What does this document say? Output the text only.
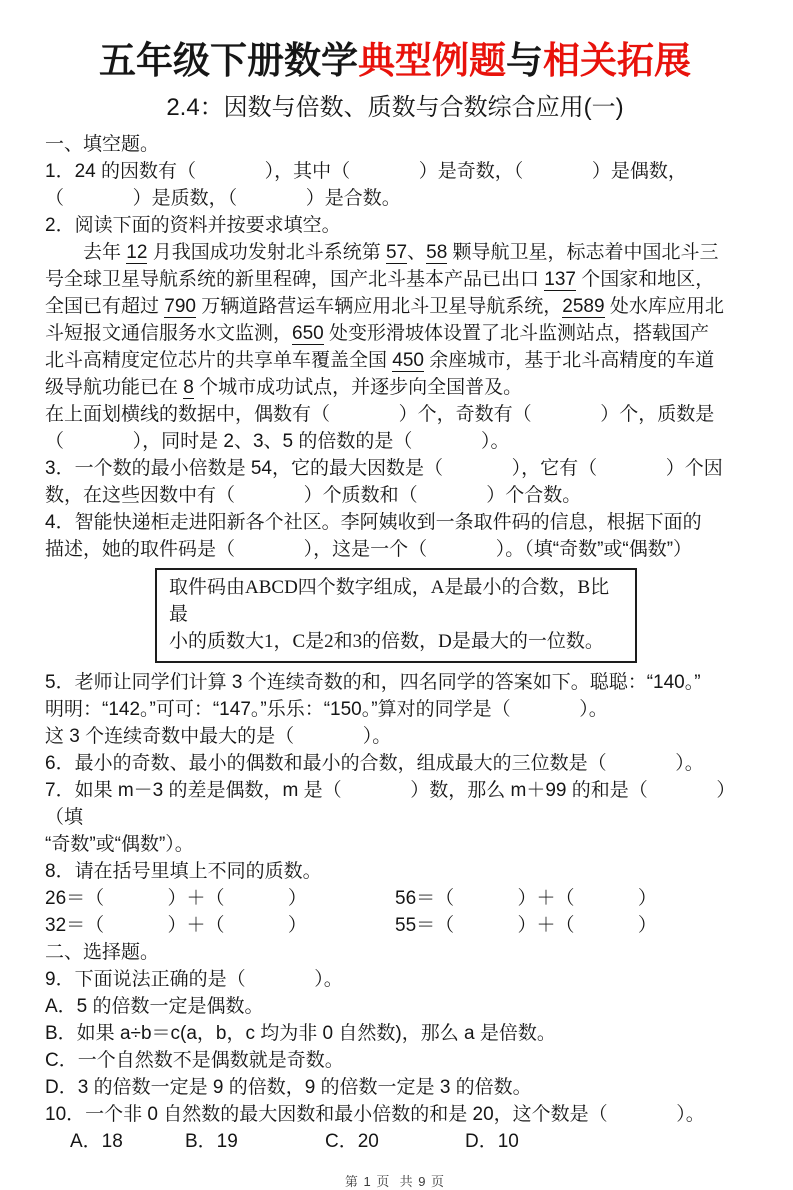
五年级下册数学典型例题与相关拓展
2.4：因数与倍数、质数与合数综合应用(一)
一、填空题。
1．24 的因数有（             ），其中（             ）是奇数，（             ）是偶数，
（             ）是质数，（             ）是合数。
2．阅读下面的资料并按要求填空。
去年 12 月我国成功发射北斗系统第 57、58 颗导航卫星，标志着中国北斗三
号全球卫星导航系统的新里程碑，国产北斗基本产品已出口 137 个国家和地区，
全国已有超过 790 万辆道路营运车辆应用北斗卫星导航系统，2589 处水库应用北
斗短报文通信服务水文监测，650 处变形滑坡体设置了北斗监测站点，搭载国产
北斗高精度定位芯片的共享单车覆盖全国 450 余座城市，基于北斗高精度的车道
级导航功能已在 8 个城市成功试点，并逐步向全国普及。
在上面划横线的数据中，偶数有（             ）个，奇数有（             ）个，质数是
（             ），同时是 2、3、5 的倍数的是（             ）。
3．一个数的最小倍数是 54，它的最大因数是（             ），它有（             ）个因
数，在这些因数中有（             ）个质数和（             ）个合数。
4．智能快递柜走进阳新各个社区。李阿姨收到一条取件码的信息，根据下面的
描述，她的取件码是（             ），这是一个（             ）。（填“奇数”或“偶数”）
取件码由ABCD四个数字组成，A是最小的合数，B比最
小的质数大1，C是2和3的倍数，D是最大的一位数。
5．老师让同学们计算 3 个连续奇数的和，四名同学的答案如下。聪聪：“140。”
明明：“142。”可可：“147。”乐乐：“150。”算对的同学是（             ）。
这 3 个连续奇数中最大的是（             ）。
6．最小的奇数、最小的偶数和最小的合数，组成最大的三位数是（             ）。
7．如果 m－3 的差是偶数，m 是（             ）数，那么 m＋99 的和是（             ）（填
“奇数”或“偶数”）。
8．请在括号里填上不同的质数。
26＝（            ）＋（            ）	56＝（            ）＋（            ）
32＝（            ）＋（            ）	55＝（            ）＋（            ）
二、选择题。
9．下面说法正确的是（             ）。
A．5 的倍数一定是偶数。
B．如果 a÷b＝c(a，b，c 均为非 0 自然数)，那么 a 是倍数。
C．一个自然数不是偶数就是奇数。
D．3 的倍数一定是 9 的倍数，9 的倍数一定是 3 的倍数。
10．一个非 0 自然数的最大因数和最小倍数的和是 20，这个数是（             ）。
A．18	B．19	C．20	D．10
第 1 页  共 9 页
